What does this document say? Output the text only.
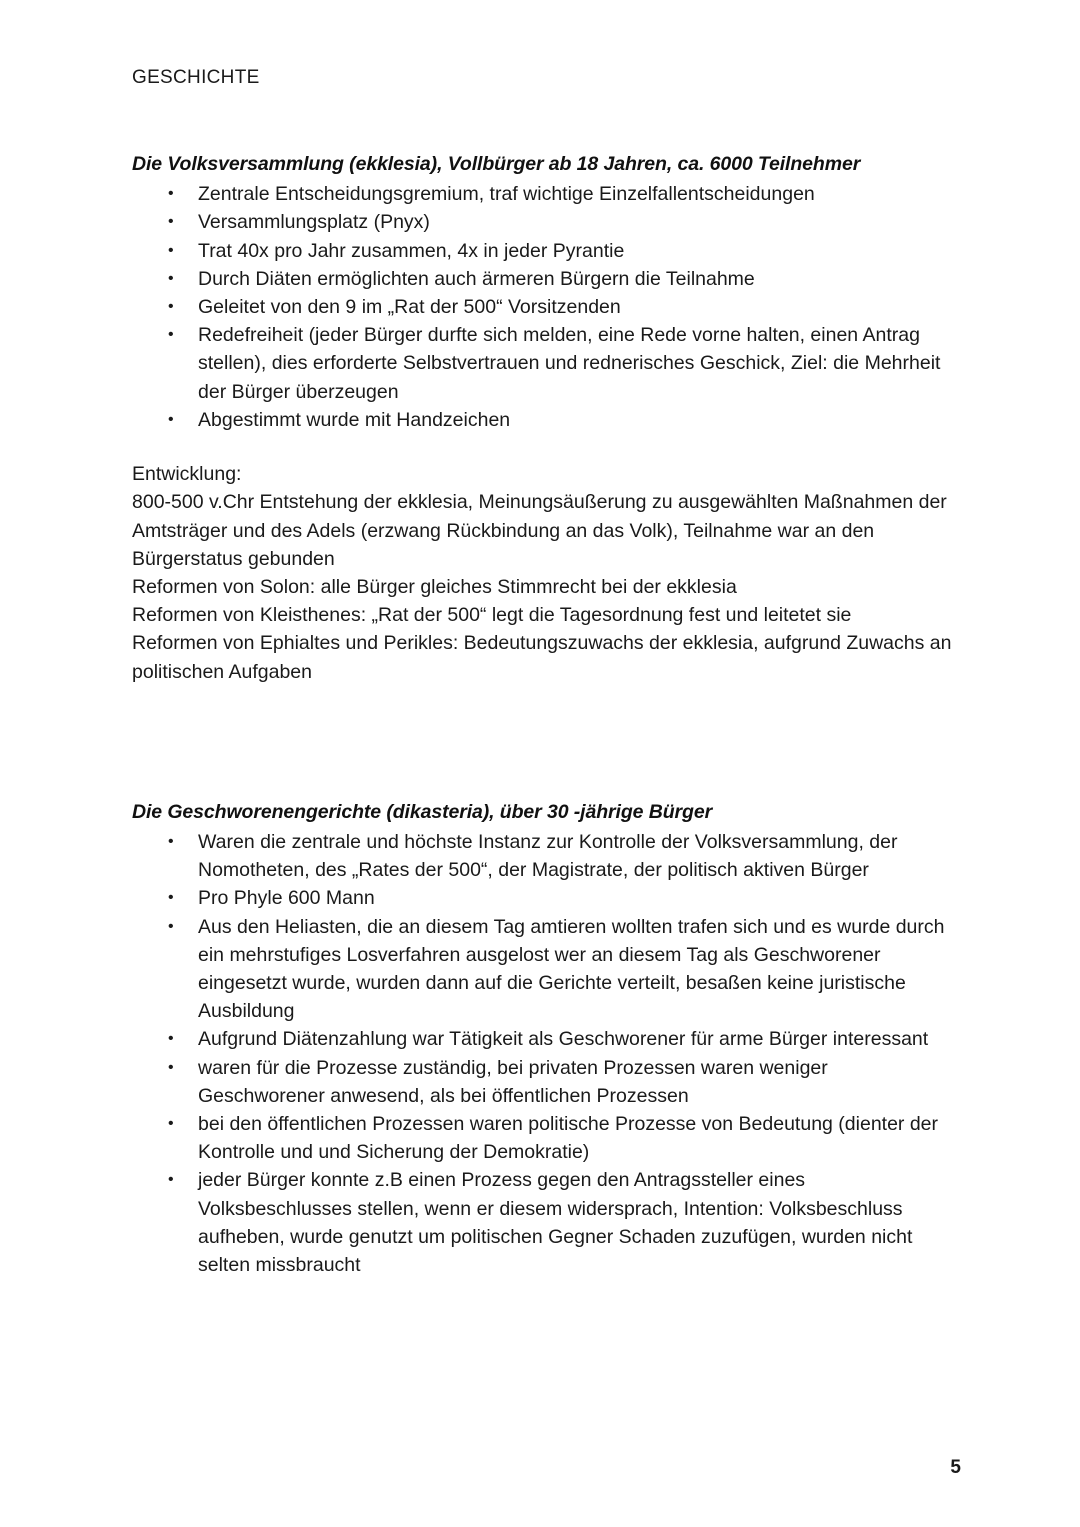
GESCHICHTE

Die Volksversammlung (ekklesia), Vollbürger ab 18 Jahren, ca. 6000 Teilnehmer

• Zentrale Entscheidungsgremium, traf wichtige Einzelfallentscheidungen
• Versammlungsplatz (Pnyx)
• Trat 40x pro Jahr zusammen, 4x in jeder Pyrantie
• Durch Diäten ermöglichten auch ärmeren Bürgern die Teilnahme
• Geleitet von den 9 im „Rat der 500“ Vorsitzenden
• Redefreiheit (jeder Bürger durfte sich melden, eine Rede vorne halten, einen Antrag stellen), dies erforderte Selbstvertrauen und rednerisches Geschick, Ziel: die Mehrheit der Bürger überzeugen
• Abgestimmt wurde mit Handzeichen
Entwicklung:
800-500 v.Chr Entstehung der ekklesia, Meinungsäußerung zu ausgewählten Maßnahmen der Amtsträger und des Adels (erzwang Rückbindung an das Volk), Teilnahme war an den Bürgerstatus gebunden
Reformen von Solon: alle Bürger gleiches Stimmrecht bei der ekklesia
Reformen von Kleisthenes: „Rat der 500“ legt die Tagesordnung fest und leitetet sie
Reformen von Ephialtes und Perikles: Bedeutungszuwachs der ekklesia, aufgrund Zuwachs an politischen Aufgaben

Die Geschworenengerichte (dikasteria), über 30 -jährige Bürger

• Waren die zentrale und höchste Instanz zur Kontrolle der Volksversammlung, der Nomotheten, des „Rates der 500“, der Magistrate, der politisch aktiven Bürger
• Pro Phyle 600 Mann
• Aus den Heliasten, die an diesem Tag amtieren wollten trafen sich und es wurde durch ein mehrstufiges Losverfahren ausgelost wer an diesem Tag als Geschworener eingesetzt wurde, wurden dann auf die Gerichte verteilt, besaßen keine juristische Ausbildung
• Aufgrund Diätenzahlung war Tätigkeit als Geschworener für arme Bürger interessant
• waren für die Prozesse zuständig, bei privaten Prozessen waren weniger Geschworener anwesend, als bei öffentlichen Prozessen
• bei den öffentlichen Prozessen waren politische Prozesse von Bedeutung (dienter der Kontrolle und und Sicherung der Demokratie)
• jeder Bürger konnte z.B einen Prozess gegen den Antragssteller eines Volksbeschlusses stellen, wenn er diesem widersprach, Intention: Volksbeschluss aufheben, wurde genutzt um politischen Gegner Schaden zuzufügen, wurden nicht selten missbraucht
5
